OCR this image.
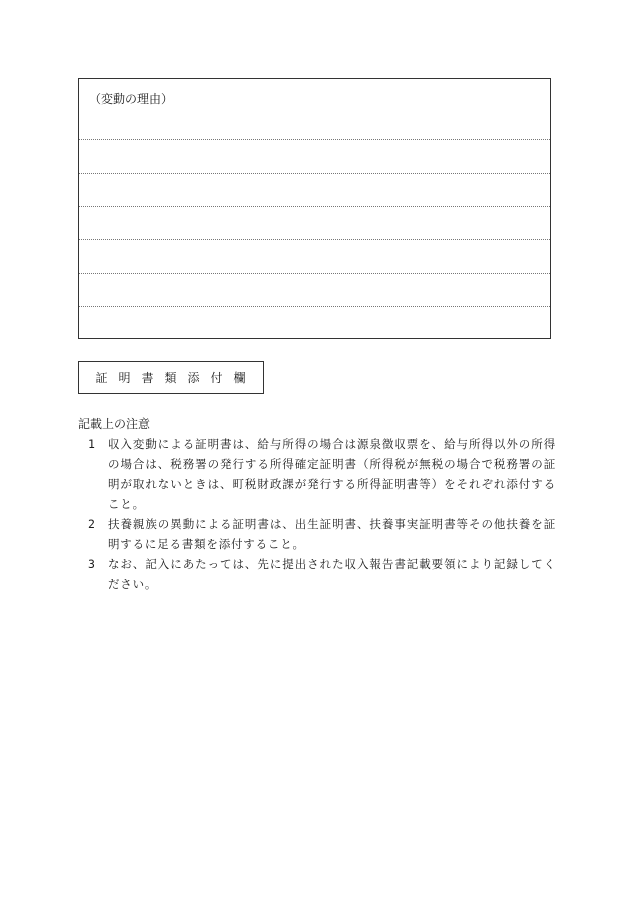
（変動の理由）
証明書類添付欄
記載上の注意
1	収入変動による証明書は、給与所得の場合は源泉徴収票を、給与所得以外の所得の場合は、税務署の発行する所得確定証明書（所得税が無税の場合で税務署の証明が取れないときは、町税財政課が発行する所得証明書等）をそれぞれ添付すること。
2	扶養親族の異動による証明書は、出生証明書、扶養事実証明書等その他扶養を証明するに足る書類を添付すること。
3	なお、記入にあたっては、先に提出された収入報告書記載要領により記録してください。
